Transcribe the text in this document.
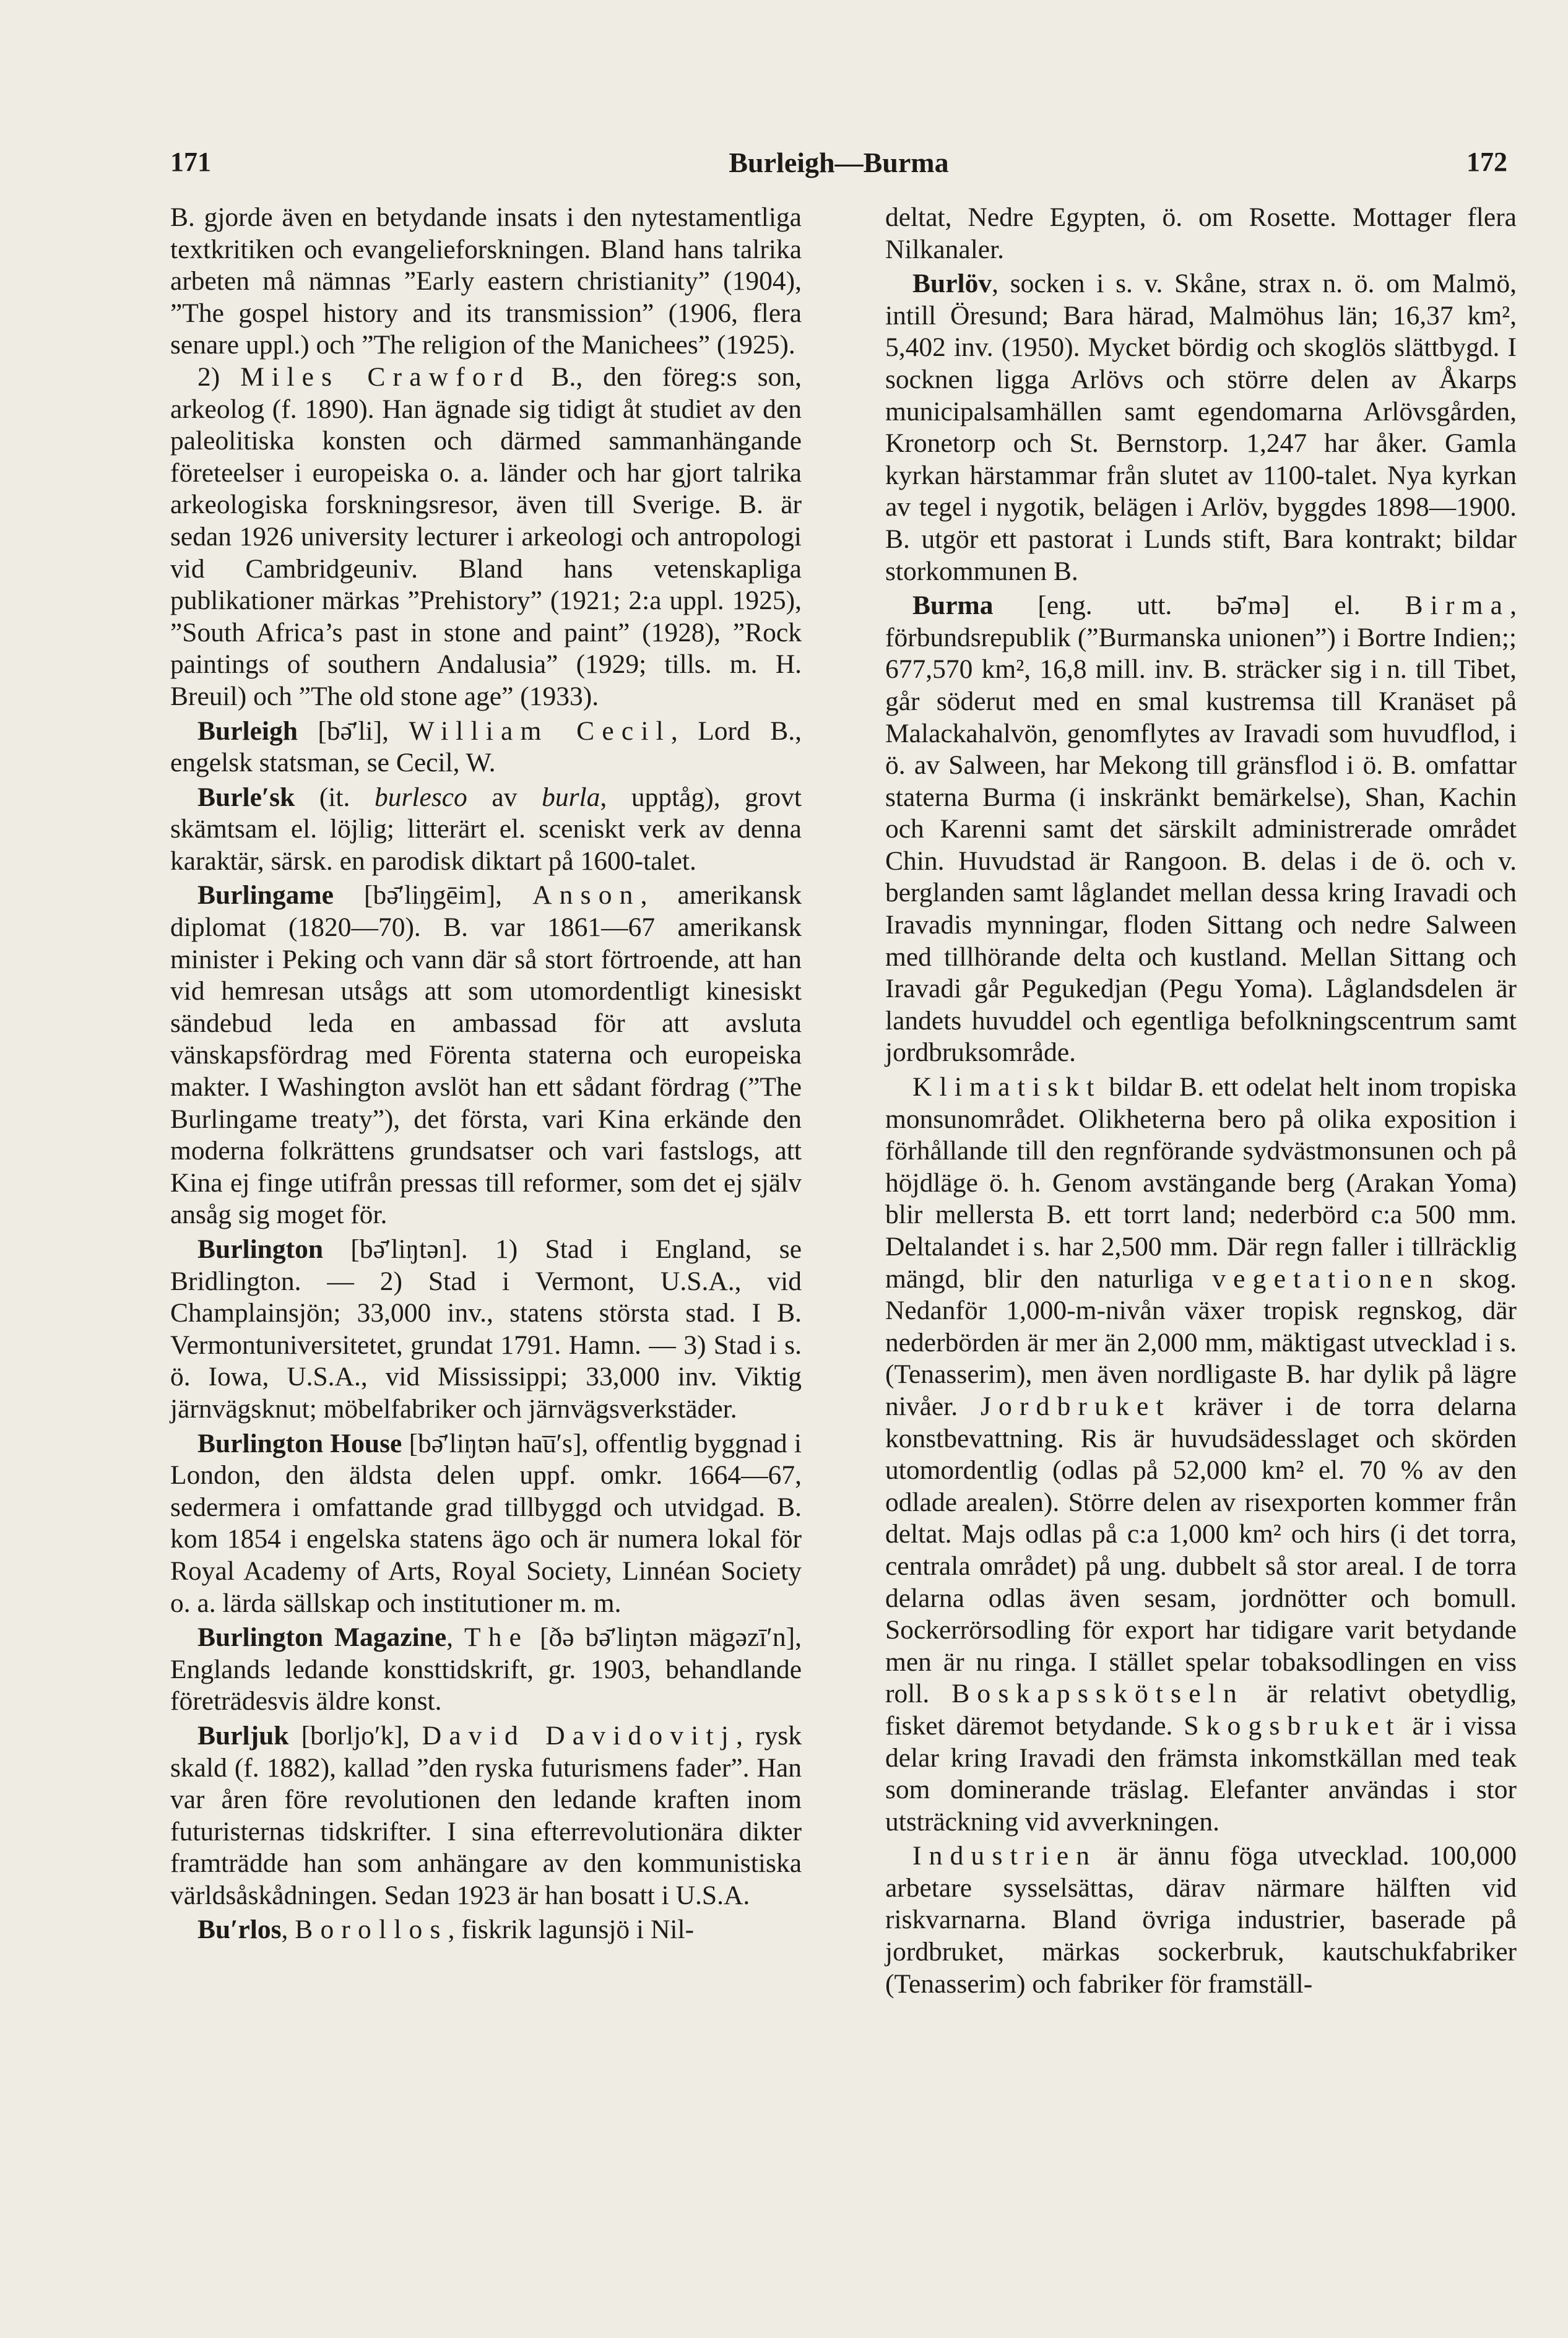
171	Burleigh—Burma	172

B. gjorde även en betydande insats i den nytestamentliga textkritiken och evangelieforskningen. Bland hans talrika arbeten må nämnas ”Early eastern christianity” (1904), ”The gospel history and its transmission” (1906, flera senare uppl.) och ”The religion of the Manichees” (1925).

2) Miles Crawford B., den föreg:s son, arkeolog (f. 1890). Han ägnade sig tidigt åt studiet av den paleolitiska konsten och därmed sammanhängande företeelser i europeiska o. a. länder och har gjort talrika arkeologiska forskningsresor, även till Sverige. B. är sedan 1926 university lecturer i arkeologi och antropologi vid Cambridgeuniv. Bland hans vetenskapliga publikationer märkas ”Prehistory” (1921; 2:a uppl. 1925), ”South Africa’s past in stone and paint” (1928), ”Rock paintings of southern Andalusia” (1929; tills. m. H. Breuil) och ”The old stone age” (1933).

Burleigh [bə̄′li], William Cecil, Lord B., engelsk statsman, se Cecil, W.

Burle′sk (it. burlesco av burla, upptåg), grovt skämtsam el. löjlig; litterärt el. sceniskt verk av denna karaktär, särsk. en parodisk diktart på 1600-talet.

Burlingame [bə̄′liŋgēim], Anson, amerikansk diplomat (1820—70). B. var 1861—67 amerikansk minister i Peking och vann där så stort förtroende, att han vid hemresan utsågs att som utomordentligt kinesiskt sändebud leda en ambassad för att avsluta vänskapsfördrag med Förenta staterna och europeiska makter. I Washington avslöt han ett sådant fördrag (”The Burlingame treaty”), det första, vari Kina erkände den moderna folkrättens grundsatser och vari fastslogs, att Kina ej finge utifrån pressas till reformer, som det ej själv ansåg sig moget för.

Burlington [bə̄′liŋtən]. 1) Stad i England, se Bridlington. — 2) Stad i Vermont, U.S.A., vid Champlainsjön; 33,000 inv., statens största stad. I B. Vermontuniversitetet, grundat 1791. Hamn. — 3) Stad i s. ö. Iowa, U.S.A., vid Mississippi; 33,000 inv. Viktig järnvägsknut; möbelfabriker och järnvägsverkstäder.

Burlington House [bə̄′liŋtən hau̅′s], offentlig byggnad i London, den äldsta delen uppf. omkr. 1664—67, sedermera i omfattande grad tillbyggd och utvidgad. B. kom 1854 i engelska statens ägo och är numera lokal för Royal Academy of Arts, Royal Society, Linnéan Society o. a. lärda sällskap och institutioner m. m.

Burlington Magazine, The [ðə bə̄′liŋtən mägəzī′n], Englands ledande konsttidskrift, gr. 1903, behandlande företrädesvis äldre konst.

Burljuk [borljo′k], David Davidovitj, rysk skald (f. 1882), kallad ”den ryska futurismens fader”. Han var åren före revolutionen den ledande kraften inom futuristernas tidskrifter. I sina efterrevolutionära dikter framträdde han som anhängare av den kommunistiska världsåskådningen. Sedan 1923 är han bosatt i U.S.A.

Bu′rlos, Borollos, fiskrik lagunsjö i Nil-

deltat, Nedre Egypten, ö. om Rosette. Mottager flera Nilkanaler.

Burlöv, socken i s. v. Skåne, strax n. ö. om Malmö, intill Öresund; Bara härad, Malmöhus län; 16,37 km², 5,402 inv. (1950). Mycket bördig och skoglös slättbygd. I socknen ligga Arlövs och större delen av Åkarps municipalsamhällen samt egendomarna Arlövsgården, Kronetorp och St. Bernstorp. 1,247 har åker. Gamla kyrkan härstammar från slutet av 1100-talet. Nya kyrkan av tegel i nygotik, belägen i Arlöv, byggdes 1898—1900. B. utgör ett pastorat i Lunds stift, Bara kontrakt; bildar storkommunen B.

Burma [eng. utt. bə̄′mə] el. Birma, förbundsrepublik (”Burmanska unionen”) i Bortre Indien;; 677,570 km², 16,8 mill. inv. B. sträcker sig i n. till Tibet, går söderut med en smal kustremsa till Kranäset på Malackahalvön, genomflytes av Iravadi som huvudflod, i ö. av Salween, har Mekong till gränsflod i ö. B. omfattar staterna Burma (i inskränkt bemärkelse), Shan, Kachin och Karenni samt det särskilt administrerade området Chin. Huvudstad är Rangoon. B. delas i de ö. och v. berglanden samt låglandet mellan dessa kring Iravadi och Iravadis mynningar, floden Sittang och nedre Salween med tillhörande delta och kustland. Mellan Sittang och Iravadi går Pegukedjan (Pegu Yoma). Låglandsdelen är landets huvuddel och egentliga befolkningscentrum samt jordbruksområde.

Klimatiskt bildar B. ett odelat helt inom tropiska monsunområdet. Olikheterna bero på olika exposition i förhållande till den regnförande sydvästmonsunen och på höjdläge ö. h. Genom avstängande berg (Arakan Yoma) blir mellersta B. ett torrt land; nederbörd c:a 500 mm. Deltalandet i s. har 2,500 mm. Där regn faller i tillräcklig mängd, blir den naturliga vegetationen skog. Nedanför 1,000-m-nivån växer tropisk regnskog, där nederbörden är mer än 2,000 mm, mäktigast utvecklad i s. (Tenasserim), men även nordligaste B. har dylik på lägre nivåer. Jordbruket kräver i de torra delarna konstbevattning. Ris är huvudsädesslaget och skörden utomordentlig (odlas på 52,000 km² el. 70 % av den odlade arealen). Större delen av risexporten kommer från deltat. Majs odlas på c:a 1,000 km² och hirs (i det torra, centrala området) på ung. dubbelt så stor areal. I de torra delarna odlas även sesam, jordnötter och bomull. Sockerrörsodling för export har tidigare varit betydande men är nu ringa. I stället spelar tobaksodlingen en viss roll. Boskapsskötseln är relativt obetydlig, fisket däremot betydande. Skogsbruket är i vissa delar kring Iravadi den främsta inkomstkällan med teak som dominerande träslag. Elefanter användas i stor utsträckning vid avverkningen.

Industrien är ännu föga utvecklad. 100,000 arbetare sysselsättas, därav närmare hälften vid riskvarnarna. Bland övriga industrier, baserade på jordbruket, märkas sockerbruk, kautschukfabriker (Tenasserim) och fabriker för framställ-
